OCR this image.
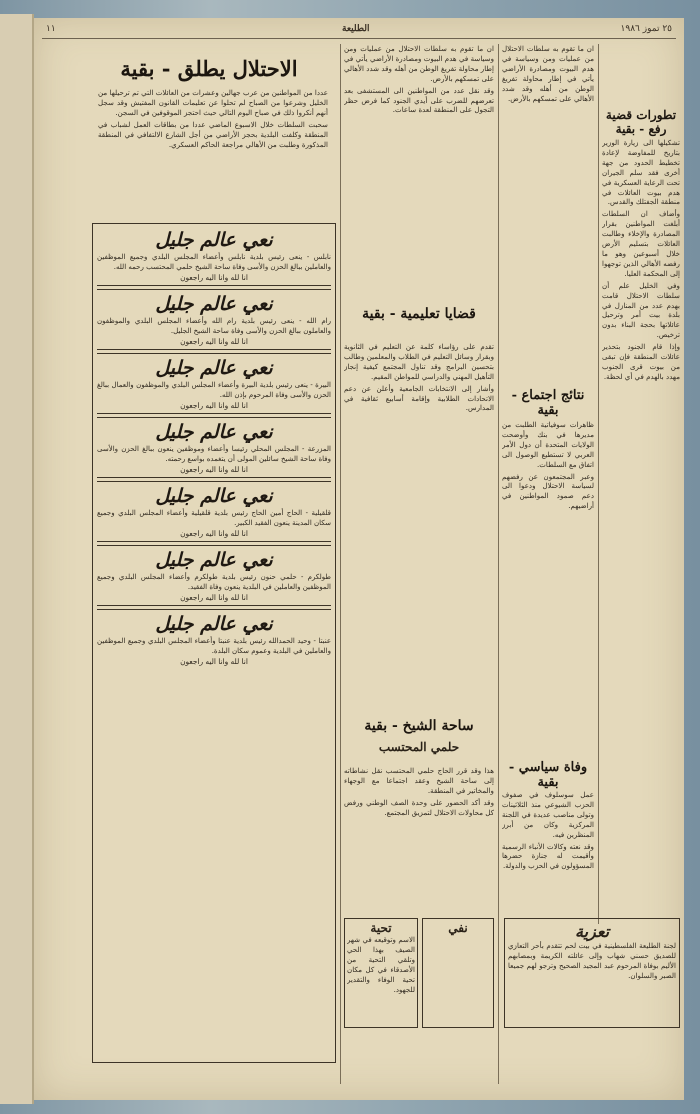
١١	الطليعة	٢٥ تموز ١٩٨٦
الاحتلال يطلق - بقية

عددا من المواطنين من عرب جهالين وعشرات من العائلات التي تم ترحيلها من الخليل وشرعوا من الصباح لم تحلوا عن تعليمات القانون المفتيش وقد سجل أنهم أنكروا ذلك في صباح اليوم التالي حيث احتجز الموقوفين في السجن.

سحبت السلطات خلال الاسبوع الماضي عددا من بطاقات العمل لشباب في المنطقة وكلفت البلدية بحجز الأراضي من أجل الشارع الالتفافي في المنطقة المذكورة وطلبت من الأهالي مراجعة الحاكم العسكري.

نعي عالم جليل

نابلس - ينعى رئيس بلدية نابلس وأعضاء المجلس البلدي وجميع الموظفين والعاملين ببالغ الحزن والأسى وفاة ساحة الشيخ حلمي المحتسب رحمه الله.

انا لله وانا اليه راجعون
نعي عالم جليل

رام الله - ينعى رئيس بلدية رام الله وأعضاء المجلس البلدي والموظفون والعاملون ببالغ الحزن والأسى وفاة ساحة الشيخ الجليل.

انا لله وانا اليه راجعون
نعي عالم جليل

البيرة - ينعى رئيس بلدية البيرة وأعضاء المجلس البلدي والموظفون والعمال ببالغ الحزن والأسى وفاة المرحوم بإذن الله.

انا لله وانا اليه راجعون
نعي عالم جليل

المزرعة - المجلس المحلي رئيسا وأعضاء وموظفين ينعون ببالغ الحزن والأسى وفاة ساحة الشيخ سائلين المولى أن يتغمده بواسع رحمته.

انا لله وانا اليه راجعون
نعي عالم جليل

قلقيلية - الحاج أمين الحاج رئيس بلدية قلقيلية وأعضاء المجلس البلدي وجميع سكان المدينة ينعون الفقيد الكبير.

انا لله وانا اليه راجعون
نعي عالم جليل

طولكرم - حلمي حنون رئيس بلدية طولكرم وأعضاء المجلس البلدي وجميع الموظفين والعاملين في البلدية ينعون وفاة الفقيد.

انا لله وانا اليه راجعون
نعي عالم جليل

عنبتا - وحيد الحمدالله رئيس بلدية عنبتا وأعضاء المجلس البلدي وجميع الموظفين والعاملين في البلدية وعموم سكان البلدة.

انا لله وانا اليه راجعون

ان ما تقوم به سلطات الاحتلال من عمليات ومن وسياسة في هدم البيوت ومصادرة الأراضي يأتي في إطار محاولة تفريغ الوطن من أهله وقد شدد الأهالي على تمسكهم بالأرض.

وقد نقل عدد من المواطنين الى المستشفى بعد تعرضهم للضرب على أيدي الجنود كما فرض حظر التجول على المنطقة لعدة ساعات.

قضايا تعليمية - بقية

تقدم على رؤاساء كلمة عن التعليم في الثانوية وبقرار وسائل التعليم في الطلاب والمعلمين وطالب بتحسين البرامج وقد تناول المجتمع كيفية إنجاز التأهيل المهني والدراسي للمواطن المقيم.

وأشار إلى الانتخابات الجامعية وأعلن عن دعم الاتحادات الطلابية وإقامة أسابيع ثقافية في المدارس.

ساحة الشيخ - بقية
حلمي المحتسب

هذا وقد قرر الحاج حلمي المحتسب نقل نشاطاته إلى ساحة الشيخ وعقد اجتماعا مع الوجهاء والمخاتير في المنطقة.

وقد أكد الحضور على وحدة الصف الوطني ورفض كل محاولات الاحتلال لتمزيق المجتمع.

تحية

الاسم وتوقيعه في شهر الصيف بهذا الحي وتلقي التحية من الأصدقاء في كل مكان تحية الوفاء والتقدير للجهود.

نفي

ان ما تقوم به سلطات الاحتلال من عمليات ومن وسياسة في هدم البيوت ومصادرة الأراضي يأتي في إطار محاولة تفريغ الوطن من أهله وقد شدد الأهالي على تمسكهم بالأرض.

نتائج اجتماع - بقية

ظاهرات سوفياتية الطلبت من مديرها في بنك وأوضحت الولايات المتحدة أن دول الأمر العربي لا تستطيع الوصول الى اتفاق مع السلطات.

وعبر المجتمعون عن رفضهم لسياسة الاحتلال ودعوا الى دعم صمود المواطنين في أراضيهم.

وفاة سياسي - بقية

عمل سوسلوف في صفوف الحزب الشيوعي منذ الثلاثينات وتولى مناصب عديدة في اللجنة المركزية وكان من أبرز المنظرين فيه.

وقد نعته وكالات الأنباء الرسمية وأقيمت له جنازة حضرها المسؤولون في الحزب والدولة.

تطورات قضية رفع - بقية

تشكيلها الى زيارة الوزير بتاريخ للمفاوضة لإعادة تخطيط الحدود من جهة أخرى فقد سلم الجيران تحت الرعاية العسكرية في هدم بيوت العائلات في منطقة الجفتلك والقدس.

وأضاف ان السلطات أبلغت المواطنين بقرار المصادرة والإخلاء وطالبت العائلات بتسليم الأرض خلال أسبوعين وهو ما رفضه الأهالي الذين توجهوا إلى المحكمة العليا.

وفي الخليل علم أن سلطات الاحتلال قامت بهدم عدد من المنازل في بلدة بيت أمر وترحيل عائلاتها بحجة البناء بدون ترخيص.

وإذا قام الجنود بتحذير عائلات المنطقة فإن تبقى من بيوت قرى الجنوب مهدد بالهدم في أي لحظة.

تعزية

لجنة الطليعة الفلسطينية في بيت لحم تتقدم بأحر التعازي للصديق حسني شهاب وإلى عائلته الكريمة وبمصابهم الأليم بوفاة المرحوم عبد المجيد الصحيح وترجو لهم جميعا الصبر والسلوان.
